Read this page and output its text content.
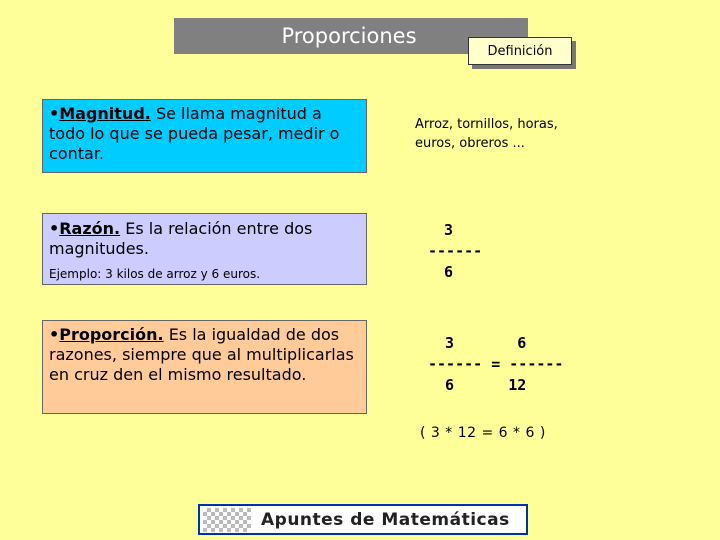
Proporciones
Definición
•Magnitud. Se llama magnitud a todo lo que se pueda pesar, medir o contar.
•Razón. Es la relación entre dos magnitudes.
Ejemplo: 3 kilos de arroz y 6 euros.
•Proporción. Es la igualdad de dos razones, siempre que al multiplicarlas en cruz den el mismo resultado.
Arroz, tornillos, horas, euros, obreros ...
3
------
6
3       6
------ = ------
6      12
( 3 * 12 = 6 * 6 )
Apuntes de Matemáticas
